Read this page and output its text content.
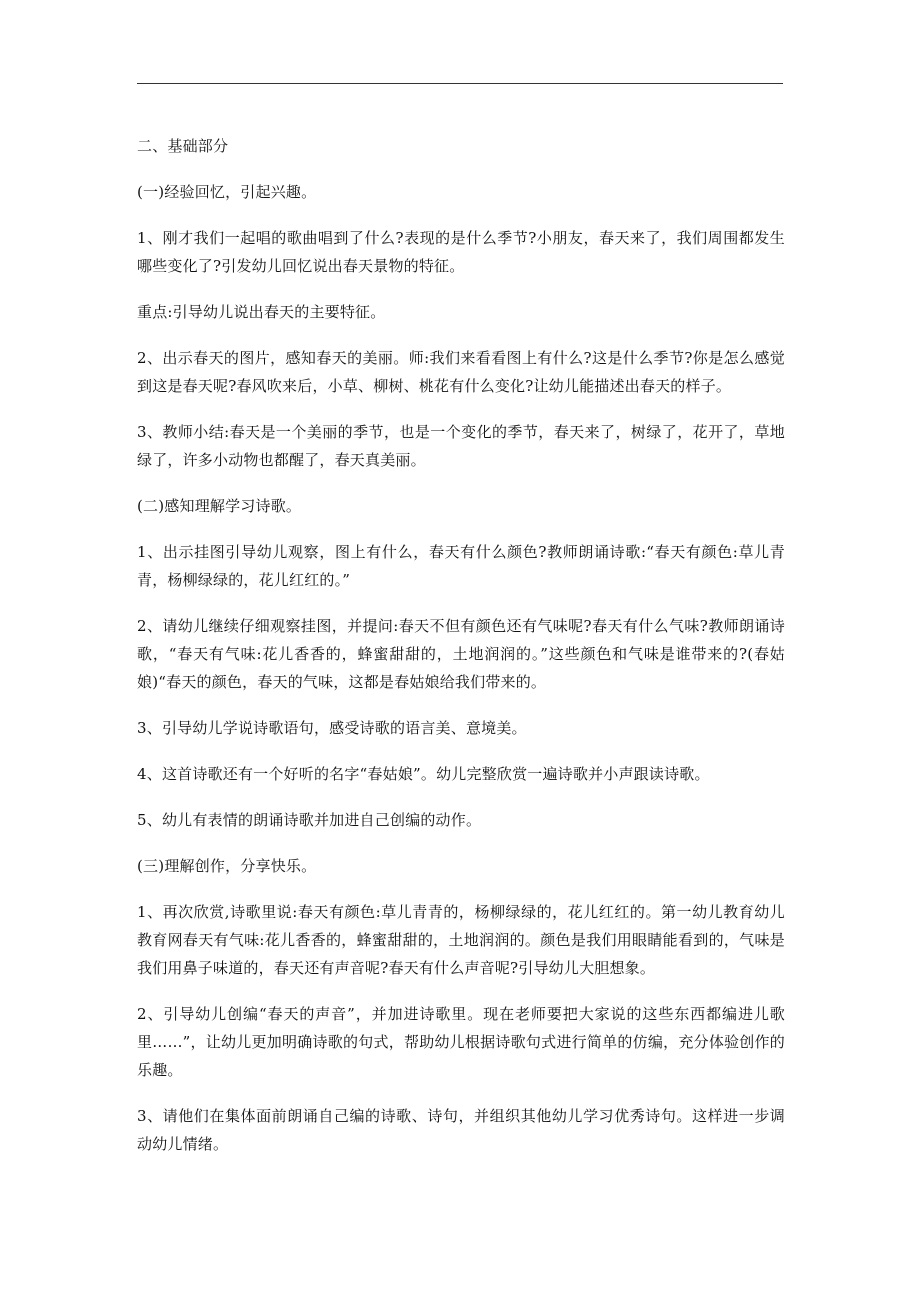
二、基础部分

(一)经验回忆，引起兴趣。

1、刚才我们一起唱的歌曲唱到了什么?表现的是什么季节?小朋友，春天来了，我们周围都发生哪些变化了?引发幼儿回忆说出春天景物的特征。

重点:引导幼儿说出春天的主要特征。

2、出示春天的图片，感知春天的美丽。师:我们来看看图上有什么?这是什么季节?你是怎么感觉到这是春天呢?春风吹来后，小草、柳树、桃花有什么变化?让幼儿能描述出春天的样子。

3、教师小结:春天是一个美丽的季节，也是一个变化的季节，春天来了，树绿了，花开了，草地绿了，许多小动物也都醒了，春天真美丽。

(二)感知理解学习诗歌。

1、出示挂图引导幼儿观察，图上有什么，春天有什么颜色?教师朗诵诗歌:“春天有颜色:草儿青青，杨柳绿绿的，花儿红红的。”

2、请幼儿继续仔细观察挂图，并提问:春天不但有颜色还有气味呢?春天有什么气味?教师朗诵诗歌，“春天有气味:花儿香香的，蜂蜜甜甜的，土地润润的。”这些颜色和气味是谁带来的?(春姑娘)“春天的颜色，春天的气味，这都是春姑娘给我们带来的。

3、引导幼儿学说诗歌语句，感受诗歌的语言美、意境美。

4、这首诗歌还有一个好听的名字“春姑娘”。幼儿完整欣赏一遍诗歌并小声跟读诗歌。

5、幼儿有表情的朗诵诗歌并加进自己创编的动作。

(三)理解创作，分享快乐。

1、再次欣赏,诗歌里说:春天有颜色:草儿青青的，杨柳绿绿的，花儿红红的。第一幼儿教育幼儿教育网春天有气味:花儿香香的，蜂蜜甜甜的，土地润润的。颜色是我们用眼睛能看到的，气味是我们用鼻子味道的，春天还有声音呢?春天有什么声音呢?引导幼儿大胆想象。

2、引导幼儿创编“春天的声音”，并加进诗歌里。现在老师要把大家说的这些东西都编进儿歌里……”，让幼儿更加明确诗歌的句式，帮助幼儿根据诗歌句式进行简单的仿编，充分体验创作的乐趣。

3、请他们在集体面前朗诵自己编的诗歌、诗句，并组织其他幼儿学习优秀诗句。这样进一步调动幼儿情绪。
